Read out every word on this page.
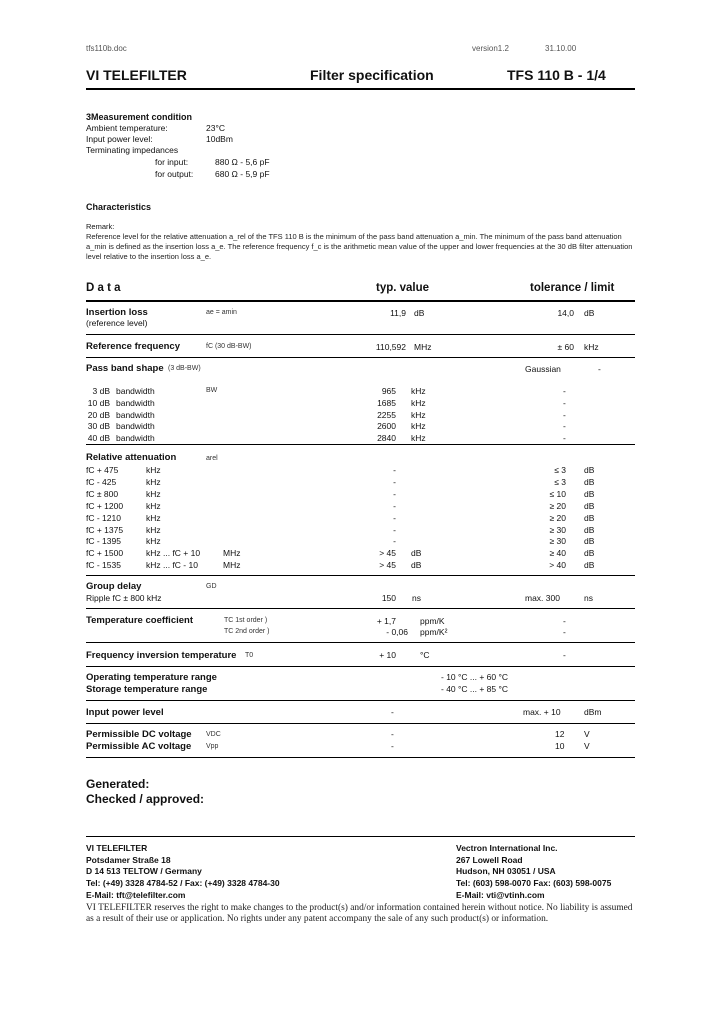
tfs110b.doc	version1.2	31.10.00
VI TELEFILTER	Filter specification	TFS 110 B - 1/4
3Measurement condition
Ambient temperature:	23°C
Input power level:	10dBm
Terminating impedances
for input:	880 Ω - 5,6 pF
for output:	680 Ω - 5,9 pF
Characteristics
Remark:
Reference level for the relative attenuation a_rel of the TFS 110 B is the minimum of the pass band attenuation a_min. The minimum of the pass band attenuation a_min is defined as the insertion loss a_e. The reference frequency f_c is the arithmetic mean value of the upper and lower frequencies at the 30 dB filter attenuation level relative to the insertion loss a_e.
D a t a	typ. value	tolerance / limit
Insertion loss
(reference level)
ae = amin	11,9 dB	14,0 dB
Reference frequency	fC (30 dB-BW)	110,592 MHz	± 60 kHz
Pass band shape (3 dB-BW)	Gaussian	-
BW
3 dB bandwidth	965 kHz	-
10 dB bandwidth	1685 kHz	-
20 dB bandwidth	2255 kHz	-
30 dB bandwidth	2600 kHz	-
40 dB bandwidth	2840 kHz	-
Relative attenuation	arel
fC + 475	kHz	-	≤ 3 dB
fC - 425	kHz	-	≤ 3 dB
fC ± 800	kHz	-	≤ 10 dB
fC + 1200	kHz	-	≥ 20 dB
fC - 1210	kHz	-	≥ 20 dB
fC + 1375	kHz	-	≥ 30 dB
fC - 1395	kHz	-	≥ 30 dB
fC + 1500	kHz ... fC + 10	MHz	> 45 dB	≥ 40 dB
fC - 1535	kHz ... fC - 10	MHz	> 45 dB	> 40 dB
Group delay	GD
Ripple fC ± 800 kHz	150 ns	max. 300	ns
Temperature coefficient	TC 1st order )	+ 1,7	ppm/K	-
TC 2nd order )	- 0,06 ppm/K²	-
Frequency inversion temperature T0	+ 10	°C	-
Operating temperature range	- 10 °C ... + 60 °C
Storage temperature range	- 40 °C ... + 85 °C
Input power level	-	max. + 10	dBm
Permissible DC voltage VDC	-	12 V
Permissible AC voltage Vpp	-	10 V
Generated:
Checked / approved:
VI TELEFILTER
Potsdamer Straße 18
D 14 513 TELTOW / Germany
Tel: (+49) 3328 4784-52 / Fax: (+49) 3328 4784-30
E-Mail: tft@telefilter.com
Vectron International Inc.
267 Lowell Road
Hudson, NH 03051 / USA
Tel: (603) 598-0070 Fax: (603) 598-0075
E-Mail: vti@vtinh.com
VI TELEFILTER reserves the right to make changes to the product(s) and/or information contained herein without notice. No liability is assumed as a result of their use or application. No rights under any patent accompany the sale of any such product(s) or information.
